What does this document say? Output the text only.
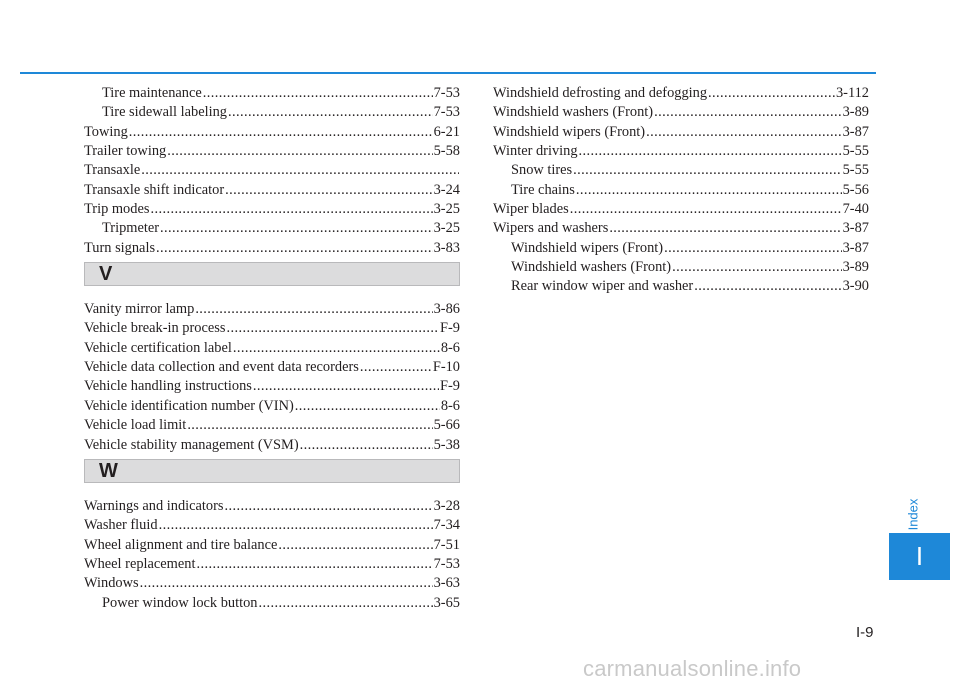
Tire maintenance .....	7-53
Tire sidewall labeling .....	7-53
Towing .....	6-21
Trailer towing .....	5-58
Transaxle
.....
Transaxle shift indicator .....	3-24
Trip modes .....	3-25
Tripmeter .....	3-25
Turn signals .....	3-83
V
Vanity mirror lamp .....	3-86
Vehicle break-in process .....	F-9
Vehicle certification label .....	8-6
Vehicle data collection and event data recorders .....	F-10
Vehicle handling instructions .....	F-9
Vehicle identification number (VIN) .....	8-6
Vehicle load limit .....	5-66
Vehicle stability management (VSM) .....	5-38
W
Warnings and indicators .....	3-28
Washer fluid .....	7-34
Wheel alignment and tire balance .....	7-51
Wheel replacement .....	7-53
Windows .....	3-63
Power window lock button .....	3-65
Windshield defrosting and defogging .....	3-112
Windshield washers (Front) .....	3-89
Windshield wipers (Front) .....	3-87
Winter driving .....	5-55
Snow tires .....	5-55
Tire chains .....	5-56
Wiper blades .....	7-40
Wipers and washers .....	3-87
Windshield wipers (Front) .....	3-87
Windshield washers (Front) .....	3-89
Rear window wiper and washer .....	3-90
Index
I
I-9
carmanualsonline.info
